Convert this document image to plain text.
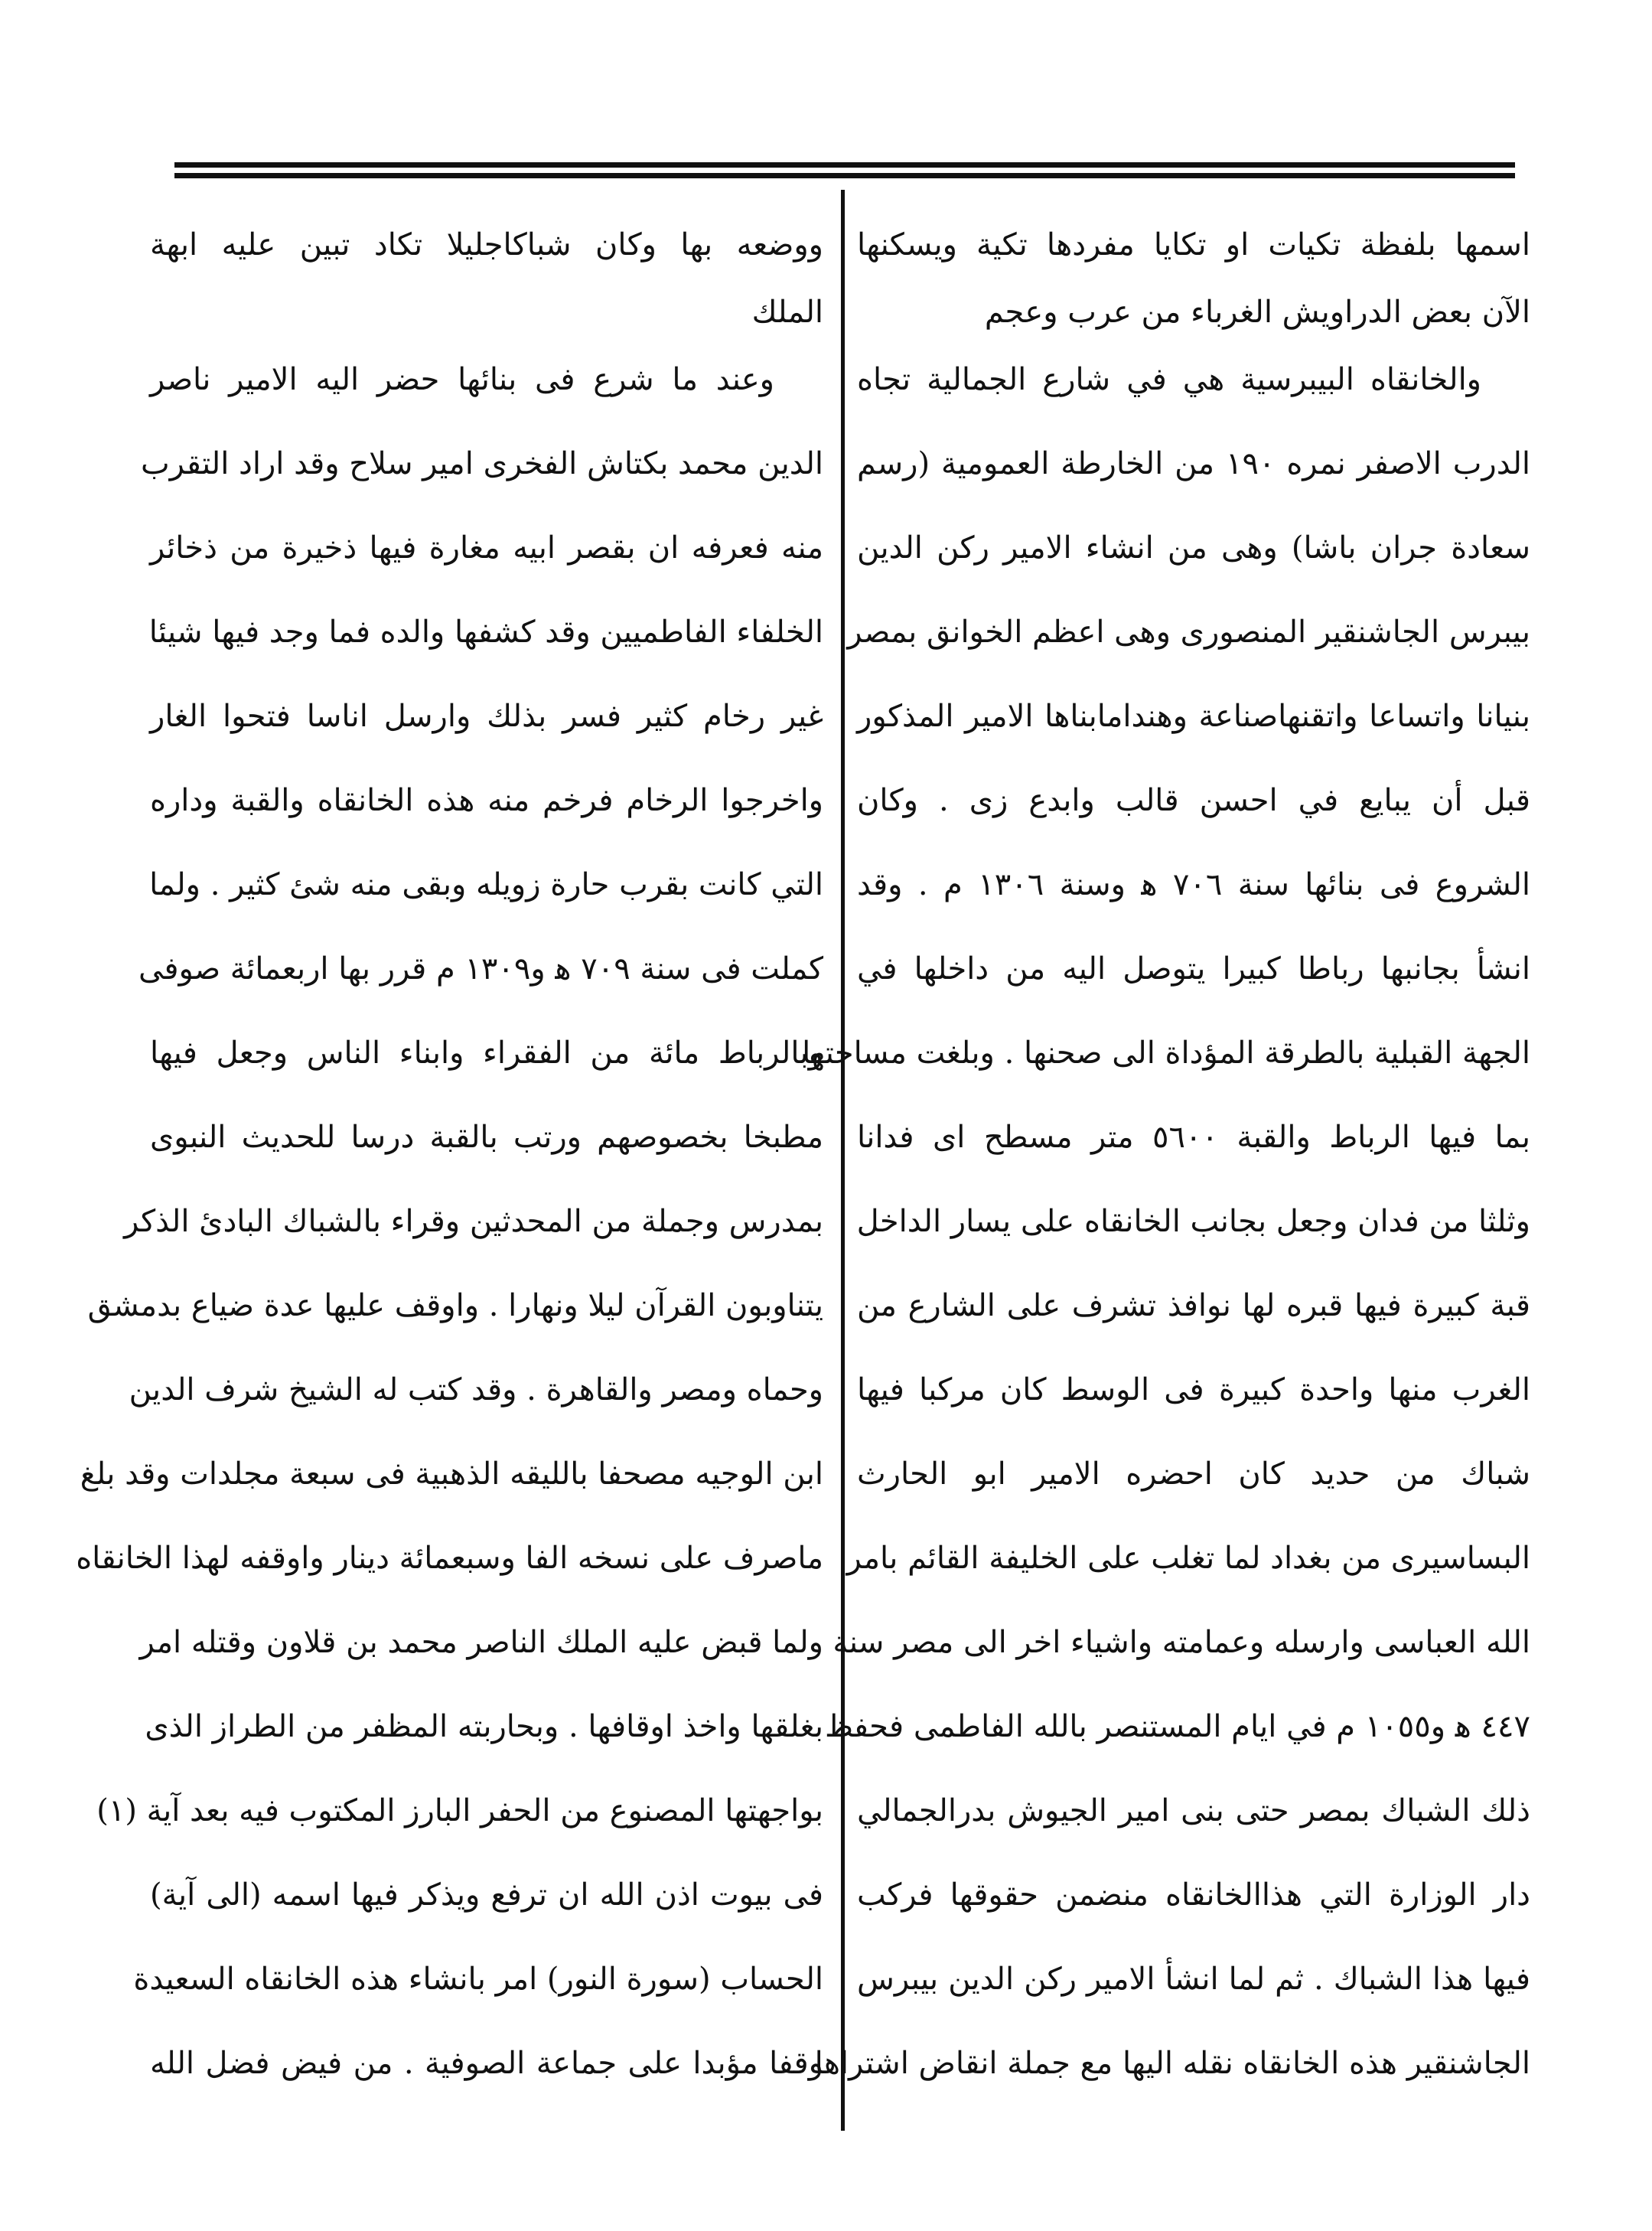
اسمها بلفظة تكيات او تكايا مفردها تكية ويسكنها

الآن بعض الدراويش الغرباء من عرب وعجم

والخانقاه البيبرسية هي في شارع الجمالية تجاه

الدرب الاصفر نمره ١٩٠ من الخارطة العمومية (رسم

سعادة جران باشا) وهى من انشاء الامير ركن الدين

بيبرس الجاشنقير المنصورى وهى اعظم الخوانق بمصر

بنيانا واتساعا واتقنهاصناعة وهندامابناها الامير المذكور

قبل أن يبايع في احسن قالب وابدع زى . وكان

الشروع فى بنائها سنة ٧٠٦ ﻫ وسنة ١٣٠٦ م . وقد

انشأ بجانبها رباطا كبيرا يتوصل اليه من داخلها في

الجهة القبلية بالطرقة المؤداة الى صحنها . وبلغت مساحتها

بما فيها الرباط والقبة ٥٦٠٠ متر مسطح اى فدانا

وثلثا من فدان وجعل بجانب الخانقاه على يسار الداخل

قبة كبيرة فيها قبره لها نوافذ تشرف على الشارع من

الغرب منها واحدة كبيرة فى الوسط كان مركبا فيها

شباك من حديد كان احضره الامير ابو الحارث

البساسيرى من بغداد لما تغلب على الخليفة القائم بامر

الله العباسى وارسله وعمامته واشياء اخر الى مصر سنة

٤٤٧ ﻫ و١٠٥٥ م في ايام المستنصر بالله الفاطمى فحفظ

ذلك الشباك بمصر حتى بنى امير الجيوش بدرالجمالي

دار الوزارة التي هذاالخانقاه منضمن حقوقها فركب

فيها هذا الشباك . ثم لما انشأ الامير ركن الدين بيبرس

الجاشنقير هذه الخانقاه نقله اليها مع جملة انقاض اشتراها

ووضعه بها وكان شباكاجليلا تكاد تبين عليه ابهة

الملك

وعند ما شرع فى بنائها حضر اليه الامير ناصر

الدين محمد بكتاش الفخرى امير سلاح وقد اراد التقرب

منه فعرفه ان بقصر ابيه مغارة فيها ذخيرة من ذخائر

الخلفاء الفاطميين وقد كشفها والده فما وجد فيها شيئا

غير رخام كثير فسر بذلك وارسل اناسا فتحوا الغار

واخرجوا الرخام فرخم منه هذه الخانقاه والقبة وداره

التي كانت بقرب حارة زويله وبقى منه شئ كثير . ولما

كملت فى سنة ٧٠٩ ﻫ و١٣٠٩ م قرر بها اربعمائة صوفى

وبالرباط مائة من الفقراء وابناء الناس وجعل فيها

مطبخا بخصوصهم ورتب بالقبة درسا للحديث النبوى

بمدرس وجملة من المحدثين وقراء بالشباك البادئ الذكر

يتناوبون القرآن ليلا ونهارا . واوقف عليها عدة ضياع بدمشق

وحماه ومصر والقاهرة . وقد كتب له الشيخ شرف الدين

ابن الوجيه مصحفا بالليقه الذهبية فى سبعة مجلدات وقد بلغ

ماصرف على نسخه الفا وسبعمائة دينار واوقفه لهذا الخانقاه

ولما قبض عليه الملك الناصر محمد بن قلاون وقتله امر

بغلقها واخذ اوقافها . وبحاربته المظفر من الطراز الذى

بواجهتها المصنوع من الحفر البارز المكتوب فيه بعد آية (١)

فى بيوت اذن الله ان ترفع ويذكر فيها اسمه (الى آية)

الحساب (سورة النور) امر بانشاء هذه الخانقاه السعيدة

وقفا مؤبدا على جماعة الصوفية . من فيض فضل الله
